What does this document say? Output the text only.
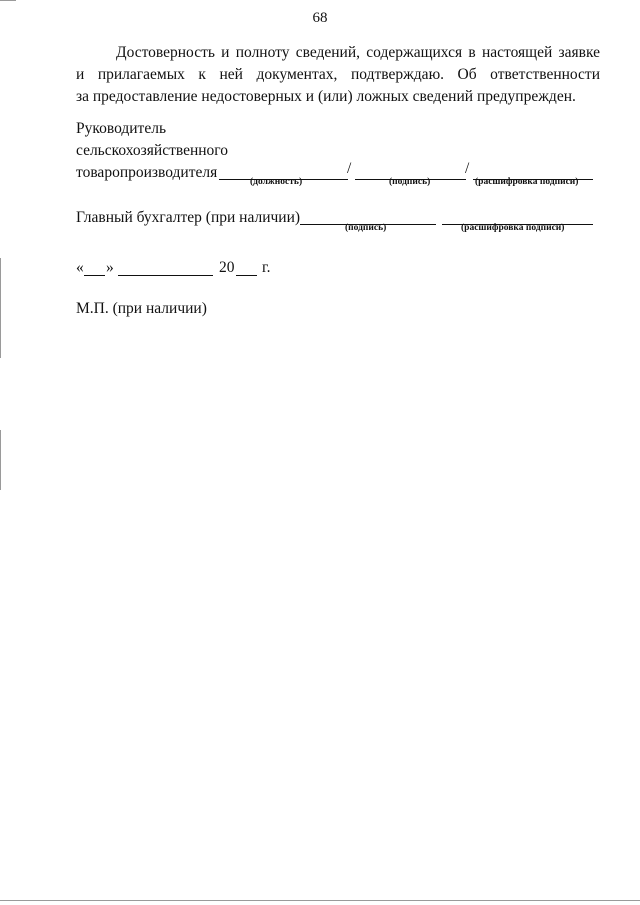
68
Достоверность и полноту сведений, содержащихся в настоящей заявке
и прилагаемых к ней документах, подтверждаю. Об ответственности
за предоставление недостоверных и (или) ложных сведений предупрежден.
Руководитель
сельскохозяйственного
товаропроизводителя	/	/
(должность)	(подпись)	(расшифровка подписи)
Главный бухгалтер (при наличии)
(подпись)	(расшифровка подписи)
« »	20 г.
М.П. (при наличии)
